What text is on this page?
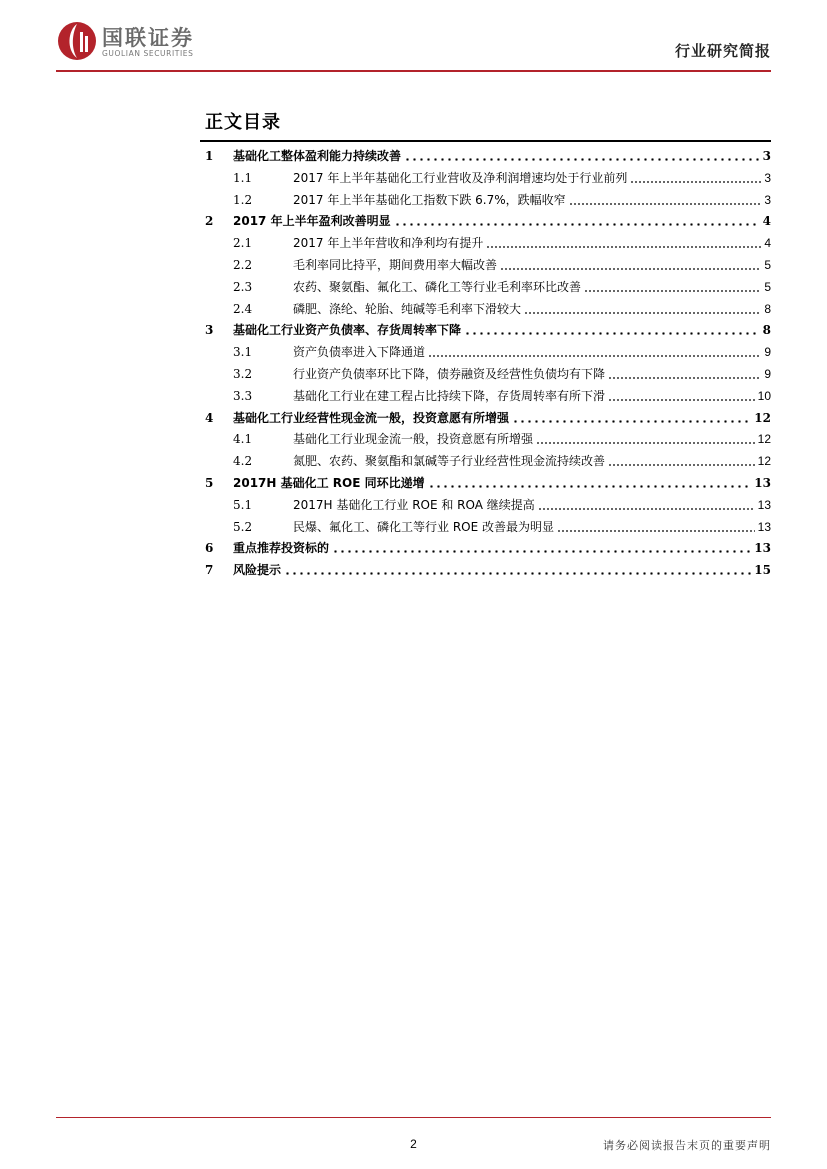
国联证券
GUOLIAN SECURITIES	行业研究简报
正文目录
1 基础化工整体盈利能力持续改善	3
1.1	2017 年上半年基础化工行业营收及净利润增速均处于行业前列	3
1.2	2017 年上半年基础化工指数下跌 6.7%，跌幅收窄	3
2 2017 年上半年盈利改善明显	4
2.1	2017 年上半年营收和净利均有提升	4
2.2	毛利率同比持平，期间费用率大幅改善	5
2.3	农药、聚氨酯、氟化工、磷化工等行业毛利率环比改善	5
2.4	磷肥、涤纶、轮胎、纯碱等毛利率下滑较大	8
3 基础化工行业资产负债率、存货周转率下降	8
3.1	资产负债率进入下降通道	9
3.2	行业资产负债率环比下降，债券融资及经营性负债均有下降	9
3.3	基础化工行业在建工程占比持续下降，存货周转率有所下滑	10
4 基础化工行业经营性现金流一般，投资意愿有所增强	12
4.1	基础化工行业现金流一般，投资意愿有所增强	12
4.2	氮肥、农药、聚氨酯和氯碱等子行业经营性现金流持续改善	12
5 2017H 基础化工 ROE 同环比递增	13
5.1	2017H 基础化工行业 ROE 和 ROA 继续提高	13
5.2	民爆、氟化工、磷化工等行业 ROE 改善最为明显	13
6 重点推荐投资标的	13
7 风险提示	15
2	请务必阅读报告末页的重要声明
